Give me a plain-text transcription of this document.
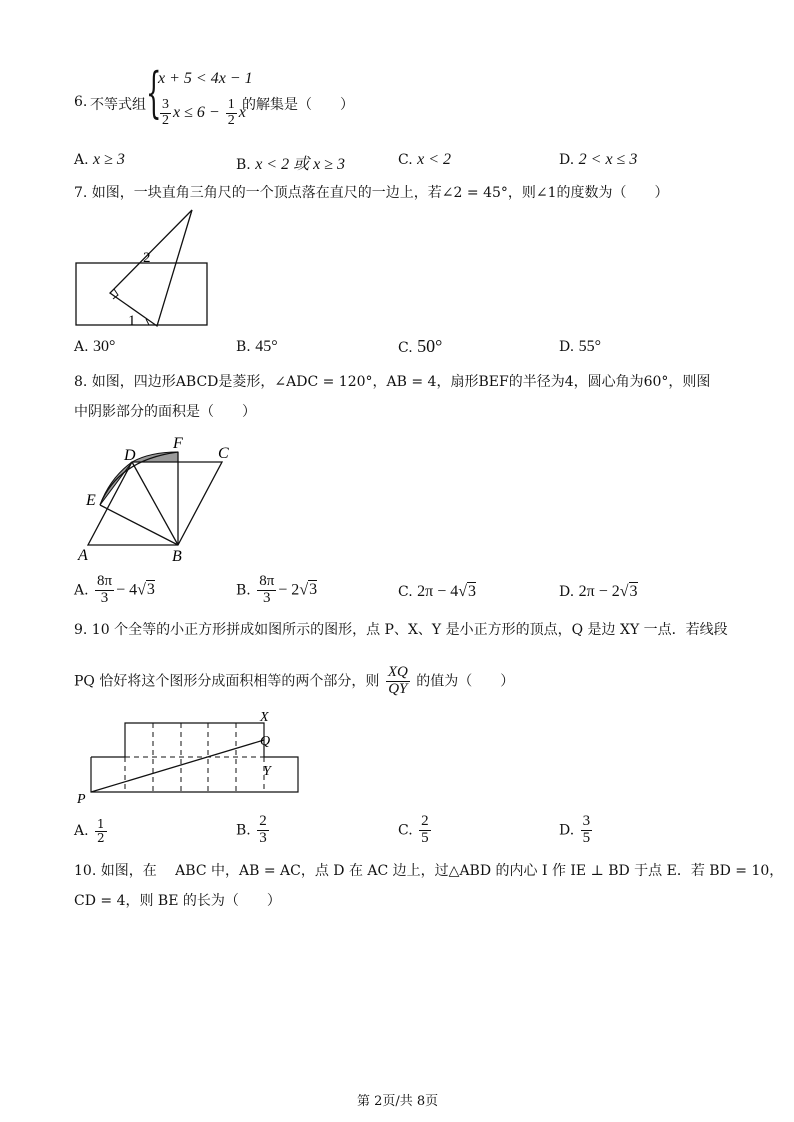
6. 不等式组 {
x + 5 < 4x − 1
$\frac{3}{2}$ $x \le 6 - \frac{1}{2}$ x
的解集是（　　）
A. x ≥ 3	B. x < 2 或 x ≥ 3	C. x < 2	D. 2 < x ≤ 3
7. 如图，一块直角三角尺的一个顶点落在直尺的一边上，若∠2 = 45°，则∠1的度数为（　　）
2
1
A. 30°	B. 45°	C. 50°	D. 55°
8. 如图，四边形ABCD是菱形，∠ADC = 120°，AB = 4，扇形BEF的半径为4，圆心角为60°，则图
中阴影部分的面积是（　　）
A	B
C
D
E
F
A. $\frac{8\pi}{3} - 4√3$	B. $\frac{8\pi}{3} - 2√3$	C. 2π − 4√3	D. 2π − 2√3
9. 10 个全等的小正方形拼成如图所示的图形，点 P、X、Y 是小正方形的顶点，Q 是边 XY 一点．若线段
PQ 恰好将这个图形分成面积相等的两个部分，则 $\frac{XQ}{QY}$ 的值为（　　）
P
X
Q
Y
A. $\frac{1}{2}$	B. $\frac{2}{3}$	C. $\frac{2}{5}$	D. $\frac{3}{5}$
10. 如图，在 　ABC 中，AB = AC，点 D 在 AC 边上，过△ABD 的内心 I 作 IE ⊥ BD 于点 E．若 BD = 10，
CD = 4，则 BE 的长为（　　）
第 2页/共 8页
